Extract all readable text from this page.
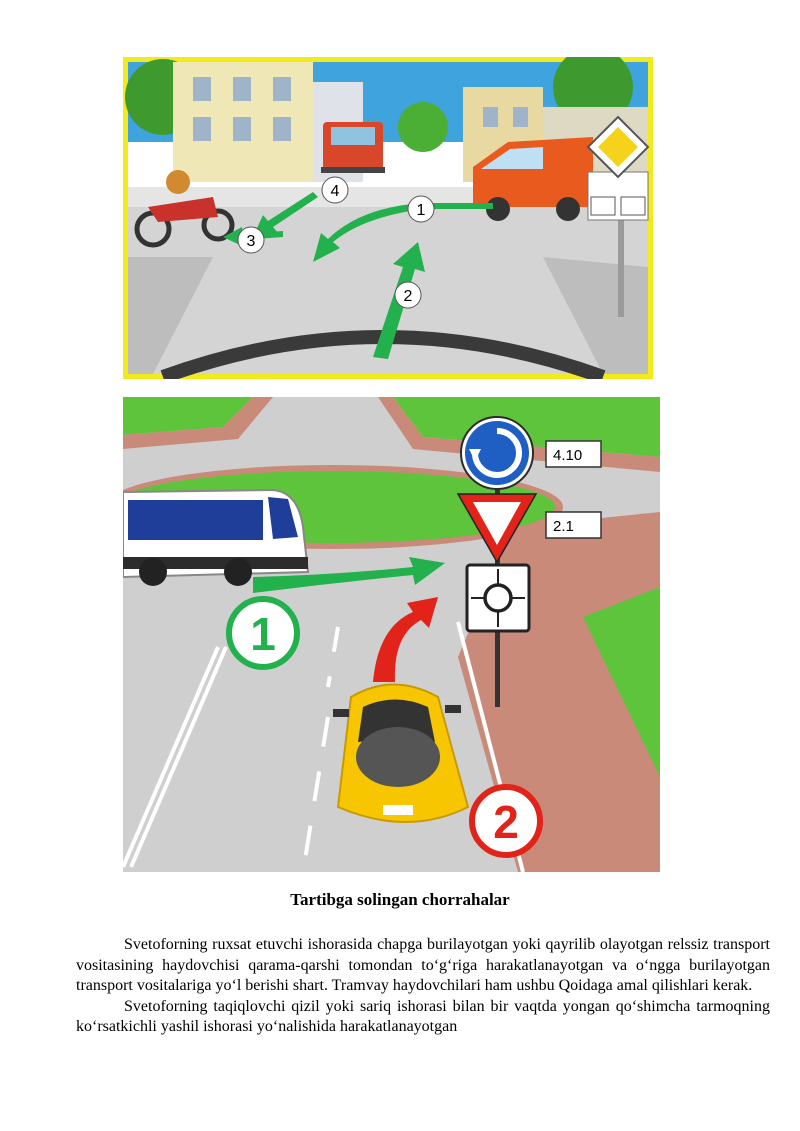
1
2
3
4
4.10
2.1
1
2
Tartibga solingan chorrahalar

Svetoforning ruxsat etuvchi ishorasida chapga burilayotgan yoki qayrilib olayotgan relssiz transport vositasining haydovchisi qarama-qarshi tomondan to‘g‘riga harakatlanayotgan va o‘ngga burilayotgan transport vositalariga yo‘l berishi shart. Tramvay haydovchilari ham ushbu Qoidaga amal qilishlari kerak.

Svetoforning taqiqlovchi qizil yoki sariq ishorasi bilan bir vaqtda yongan qo‘shimcha tarmoqning ko‘rsatkichli yashil ishorasi yo‘nalishida harakatlanayotgan
